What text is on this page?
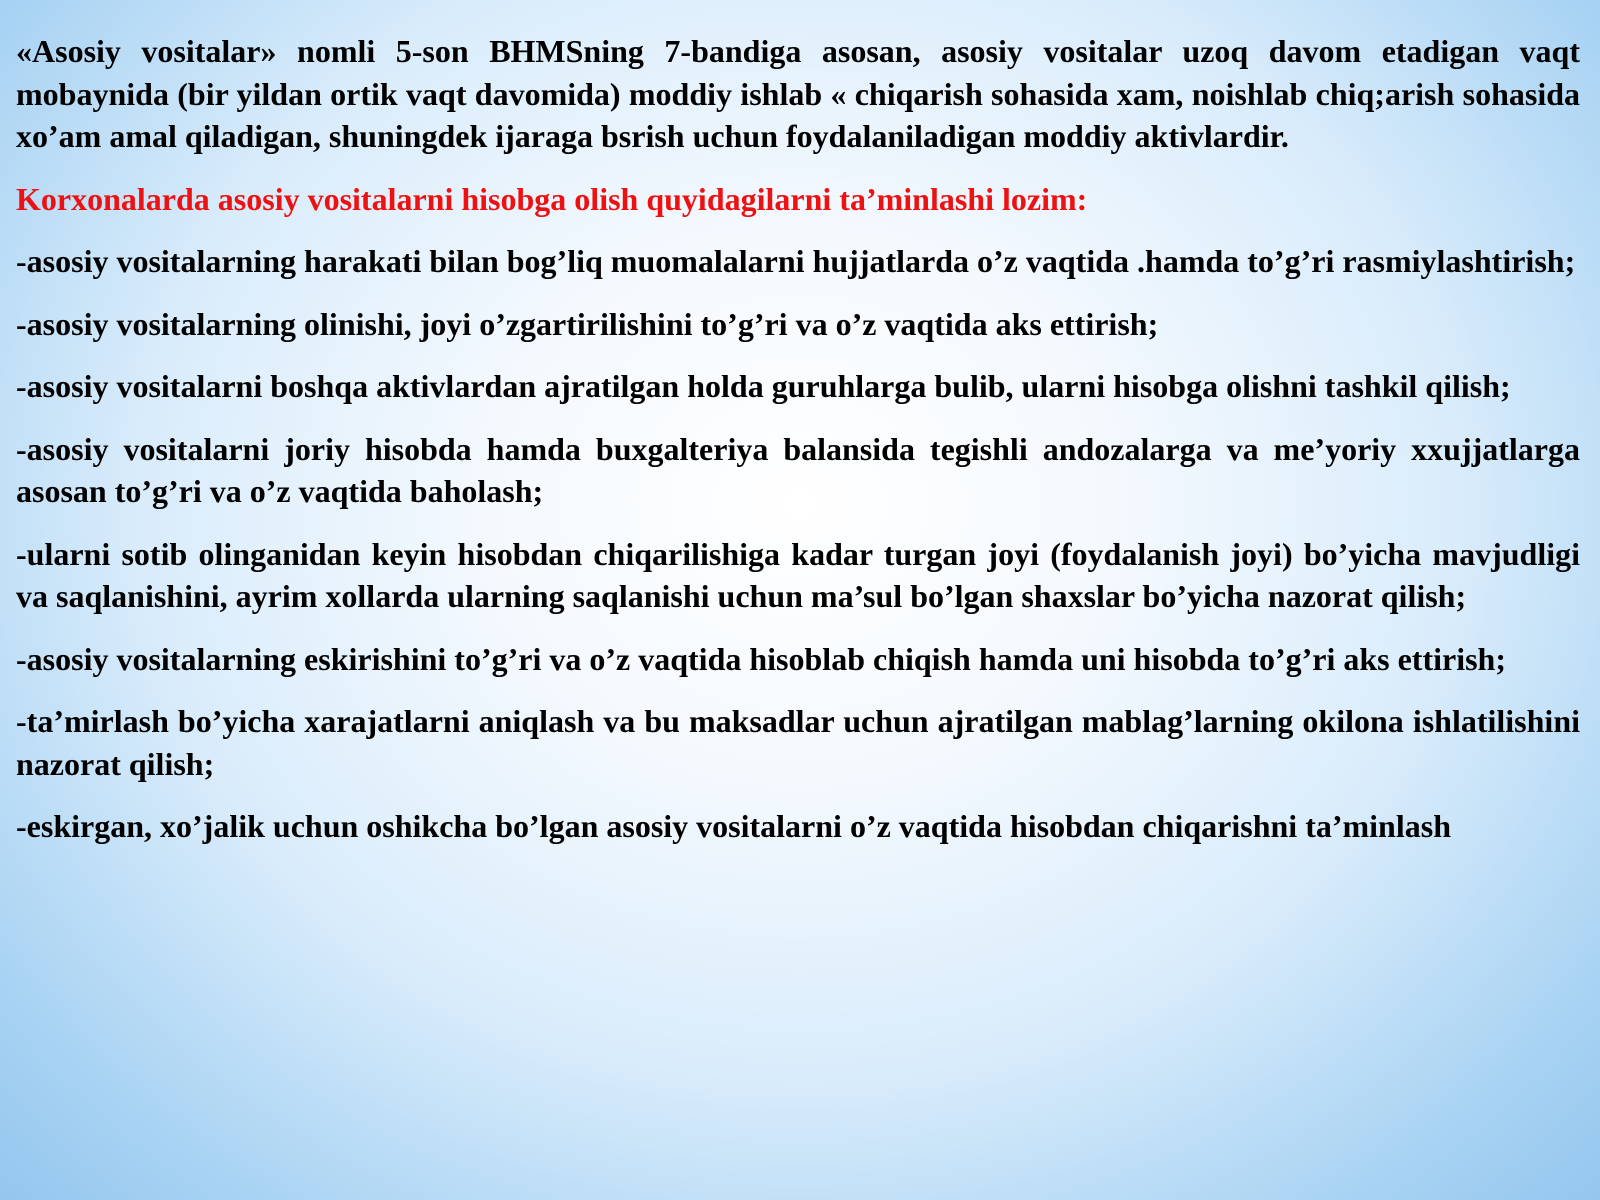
«Asosiy vositalar» nomli 5-son BHMSning 7-bandiga asosan, asosiy vositalar uzoq davom etadigan vaqt mobaynida (bir yildan ortik vaqt davomida) moddiy ishlab « chiqarish sohasida xam, noishlab chiq;arish sohasida xo’am amal qiladigan, shuningdek ijaraga bsrish uchun foydalaniladigan moddiy aktivlardir.

Korxonalarda asosiy vositalarni hisobga olish quyidagilarni ta’minlashi lozim:

-asosiy vositalarning harakati bilan bog’liq muomalalarni hujjatlarda o’z vaqtida .hamda to’g’ri rasmiylashtirish;

-asosiy vositalarning olinishi, joyi o’zgartirilishini to’g’ri va o’z vaqtida aks ettirish;

-asosiy vositalarni boshqa aktivlardan ajratilgan holda guruhlarga bulib, ularni hisobga olishni tashkil qilish;

-asosiy vositalarni joriy hisobda hamda buxgalteriya balansida tegishli andozalarga va me’yoriy xxujjatlarga asosan to’g’ri va o’z vaqtida baholash;

-ularni sotib olinganidan keyin hisobdan chiqarilishiga kadar turgan joyi (foydalanish joyi) bo’yicha mavjudligi va saqlanishini, ayrim xollarda ularning saqlanishi uchun ma’sul bo’lgan shaxslar bo’yicha nazorat qilish;

-asosiy vositalarning eskirishini to’g’ri va o’z vaqtida hisoblab chiqish hamda uni hisobda to’g’ri aks ettirish;

-ta’mirlash bo’yicha xarajatlarni aniqlash va bu maksadlar uchun ajratilgan mablag’larning okilona ishlatilishini nazorat qilish;

-eskirgan, xo’jalik uchun oshikcha bo’lgan asosiy vositalarni o’z vaqtida hisobdan chiqarishni ta’minlash
